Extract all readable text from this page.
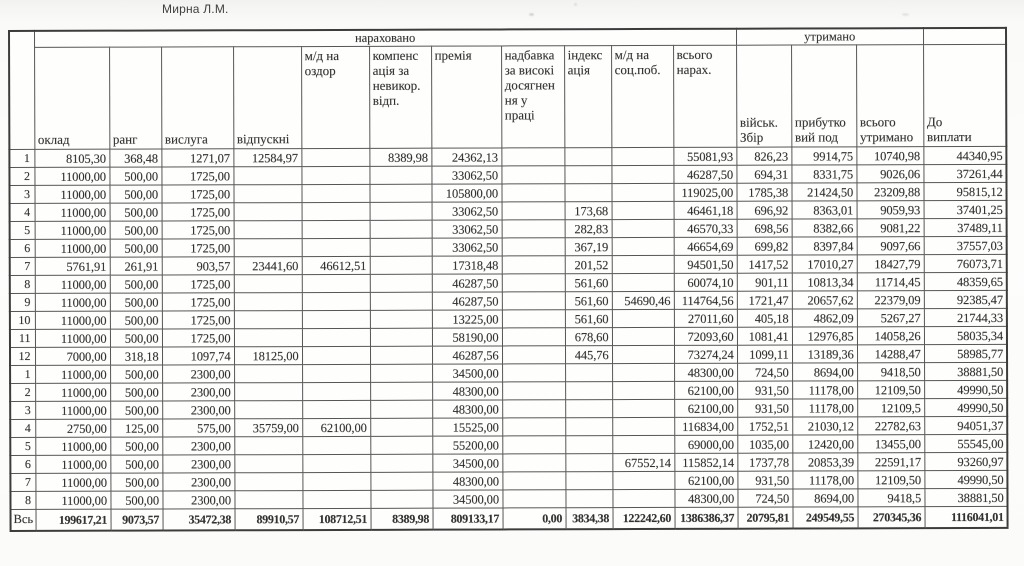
Мирна Л.М.
	нараховано											утримано			
	оклад	ранг	вислуга	відпускні	м/д на
оздор	компенс
ація за
невикор.
відп.	премія	надбавка
за високі
досягнен
ня у
праці	індекс
ація	м/д на
соц.поб.	всього
нарах.	військ.
Збір	прибутко
вий под	всього
утримано	До
виплати
1	8105,30	368,48	1271,07	12584,97		8389,98	24362,13				55081,93	826,23	9914,75	10740,98	44340,95
2	11000,00	500,00	1725,00				33062,50				46287,50	694,31	8331,75	9026,06	37261,44
3	11000,00	500,00	1725,00				105800,00				119025,00	1785,38	21424,50	23209,88	95815,12
4	11000,00	500,00	1725,00				33062,50		173,68		46461,18	696,92	8363,01	9059,93	37401,25
5	11000,00	500,00	1725,00				33062,50		282,83		46570,33	698,56	8382,66	9081,22	37489,11
6	11000,00	500,00	1725,00				33062,50		367,19		46654,69	699,82	8397,84	9097,66	37557,03
7	5761,91	261,91	903,57	23441,60	46612,51		17318,48		201,52		94501,50	1417,52	17010,27	18427,79	76073,71
8	11000,00	500,00	1725,00				46287,50		561,60		60074,10	901,11	10813,34	11714,45	48359,65
9	11000,00	500,00	1725,00				46287,50		561,60	54690,46	114764,56	1721,47	20657,62	22379,09	92385,47
10	11000,00	500,00	1725,00				13225,00		561,60		27011,60	405,18	4862,09	5267,27	21744,33
11	11000,00	500,00	1725,00				58190,00		678,60		72093,60	1081,41	12976,85	14058,26	58035,34
12	7000,00	318,18	1097,74	18125,00			46287,56		445,76		73274,24	1099,11	13189,36	14288,47	58985,77
1	11000,00	500,00	2300,00				34500,00				48300,00	724,50	8694,00	9418,50	38881,50
2	11000,00	500,00	2300,00				48300,00				62100,00	931,50	11178,00	12109,50	49990,50
3	11000,00	500,00	2300,00				48300,00				62100,00	931,50	11178,00	12109,5	49990,50
4	2750,00	125,00	575,00	35759,00	62100,00		15525,00				116834,00	1752,51	21030,12	22782,63	94051,37
5	11000,00	500,00	2300,00				55200,00				69000,00	1035,00	12420,00	13455,00	55545,00
6	11000,00	500,00	2300,00				34500,00			67552,14	115852,14	1737,78	20853,39	22591,17	93260,97
7	11000,00	500,00	2300,00				48300,00				62100,00	931,50	11178,00	12109,50	49990,50
8	11000,00	500,00	2300,00				34500,00				48300,00	724,50	8694,00	9418,5	38881,50
Всь	199617,21	9073,57	35472,38	89910,57	108712,51	8389,98	809133,17	0,00	3834,38	122242,60	1386386,37	20795,81	249549,55	270345,36	1116041,01
